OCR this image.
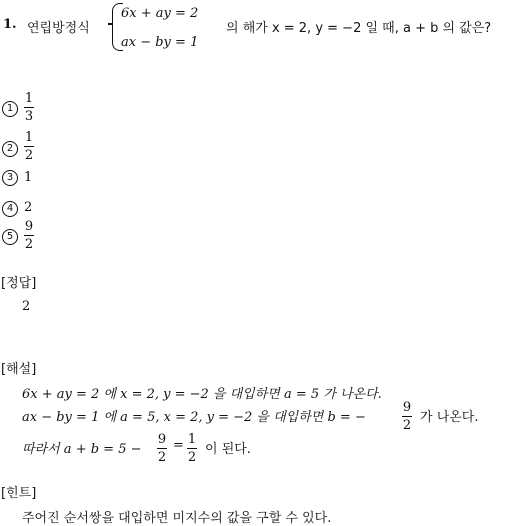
1. 연립방정식
6x + ay = 2
ax − by = 1
의 해가 x = 2, y = −2 일 때, a + b 의 값은?
1
1
3
2
1
2
3 1
4 2
5
9
2
[정답]
2
[해설]
6x + ay = 2 에 x = 2, y = −2 을 대입하면 a = 5 가 나온다.
ax − by = 1 에 a = 5, x = 2, y = −2 을 대입하면 b = −
9
2
가 나온다.
따라서 a + b = 5 −
9
2
= 1
2
이 된다.
[힌트]
주어진 순서쌍을 대입하면 미지수의 값을 구할 수 있다.
